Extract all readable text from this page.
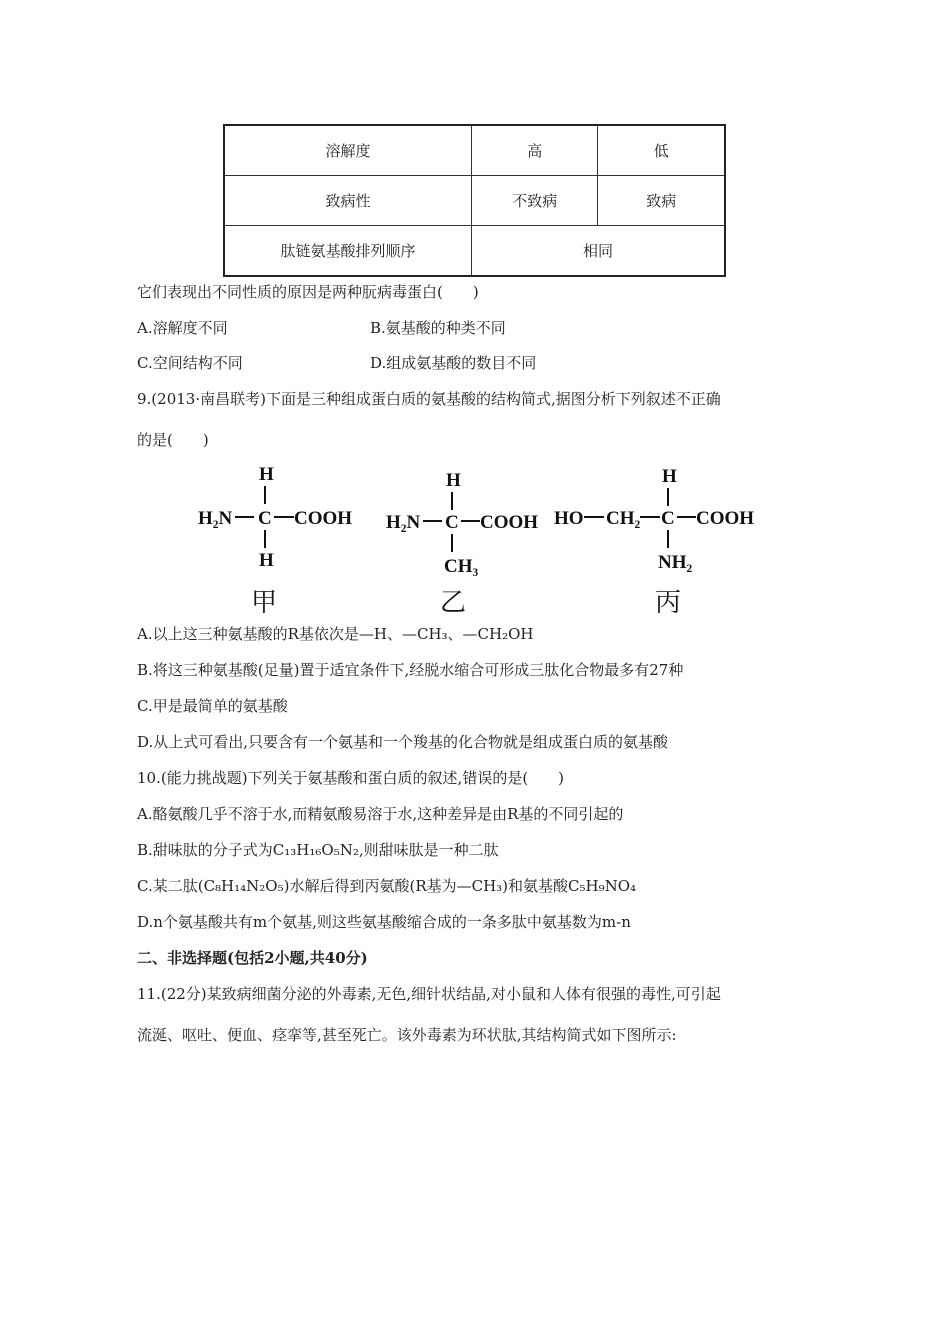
溶解度	高	低
致病性	不致病	致病
肽链氨基酸排列顺序	相同	
它们表现出不同性质的原因是两种朊病毒蛋白(　　)
A.溶解度不同	B.氨基酸的种类不同
C.空间结构不同	D.组成氨基酸的数目不同
9.(2013·南昌联考)下面是三种组成蛋白质的氨基酸的结构简式,据图分析下列叙述不正确
的是(　　)
H
H₂N C COOH
H
甲
H
H₂N C COOH
CH₃
乙
H
HO CH₂ C COOH
NH₂
丙
A.以上这三种氨基酸的R基依次是—H、—CH₃、—CH₂OH
B.将这三种氨基酸(足量)置于适宜条件下,经脱水缩合可形成三肽化合物最多有27种
C.甲是最简单的氨基酸
D.从上式可看出,只要含有一个氨基和一个羧基的化合物就是组成蛋白质的氨基酸
10.(能力挑战题)下列关于氨基酸和蛋白质的叙述,错误的是(　　)
A.酪氨酸几乎不溶于水,而精氨酸易溶于水,这种差异是由R基的不同引起的
B.甜味肽的分子式为C₁₃H₁₆O₅N₂,则甜味肽是一种二肽
C.某二肽(C₈H₁₄N₂O₅)水解后得到丙氨酸(R基为—CH₃)和氨基酸C₅H₉NO₄
D.n个氨基酸共有m个氨基,则这些氨基酸缩合成的一条多肽中氨基数为m-n
二、非选择题(包括2小题,共40分)
11.(22分)某致病细菌分泌的外毒素,无色,细针状结晶,对小鼠和人体有很强的毒性,可引起
流涎、呕吐、便血、痉挛等,甚至死亡。该外毒素为环状肽,其结构简式如下图所示:
